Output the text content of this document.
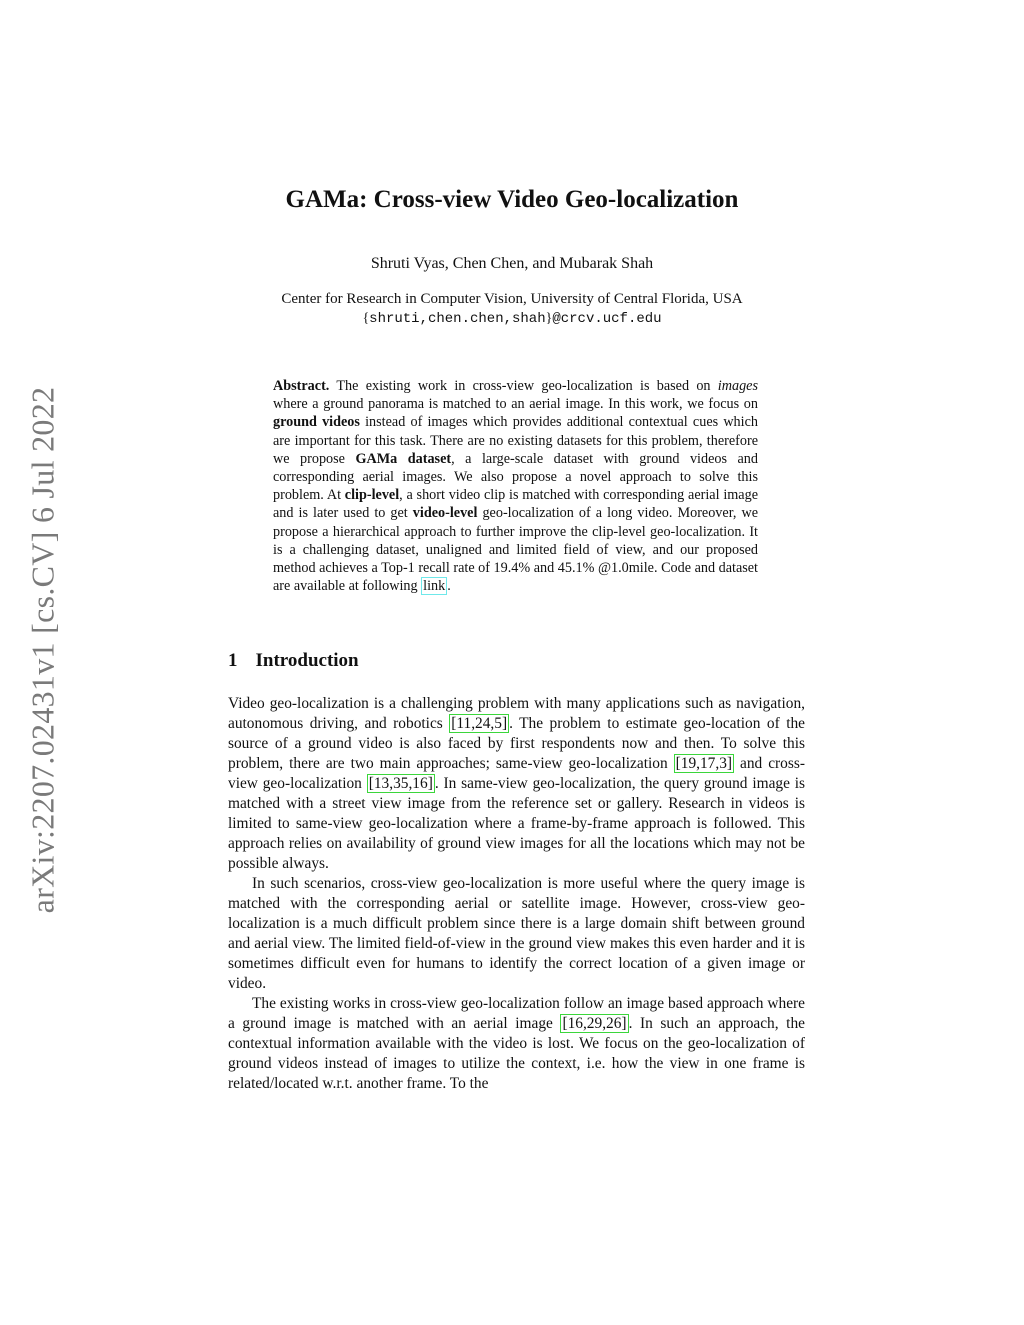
arXiv:2207.02431v1 [cs.CV] 6 Jul 2022
GAMa: Cross-view Video Geo-localization
Shruti Vyas, Chen Chen, and Mubarak Shah
Center for Research in Computer Vision, University of Central Florida, USA
{shruti,chen.chen,shah}@crcv.ucf.edu

Abstract. The existing work in cross-view geo-localization is based on images where a ground panorama is matched to an aerial image. In this work, we focus on ground videos instead of images which provides additional contextual cues which are important for this task. There are no existing datasets for this problem, therefore we propose GAMa dataset, a large-scale dataset with ground videos and corresponding aerial images. We also propose a novel approach to solve this problem. At clip-level, a short video clip is matched with corresponding aerial image and is later used to get video-level geo-localization of a long video. Moreover, we propose a hierarchical approach to further improve the clip-level geo-localization. It is a challenging dataset, unaligned and limited field of view, and our proposed method achieves a Top-1 recall rate of 19.4% and 45.1% @1.0mile. Code and dataset are available at following link .

1 Introduction

Video geo-localization is a challenging problem with many applications such as navigation, autonomous driving, and robotics [11,24,5] . The problem to estimate geo-location of the source of a ground video is also faced by first respondents now and then. To solve this problem, there are two main approaches; same-view geo-localization [19,17,3] and cross-view geo-localization [13,35,16] . In same-view geo-localization, the query ground image is matched with a street view image from the reference set or gallery. Research in videos is limited to same-view geo-localization where a frame-by-frame approach is followed. This approach relies on availability of ground view images for all the locations which may not be possible always.

In such scenarios, cross-view geo-localization is more useful where the query image is matched with the corresponding aerial or satellite image. However, cross-view geo-localization is a much difficult problem since there is a large domain shift between ground and aerial view. The limited field-of-view in the ground view makes this even harder and it is sometimes difficult even for humans to identify the correct location of a given image or video.

The existing works in cross-view geo-localization follow an image based approach where a ground image is matched with an aerial image [16,29,26] . In such an approach, the contextual information available with the video is lost. We focus on the geo-localization of ground videos instead of images to utilize the context, i.e. how the view in one frame is related/located w.r.t. another frame. To the
